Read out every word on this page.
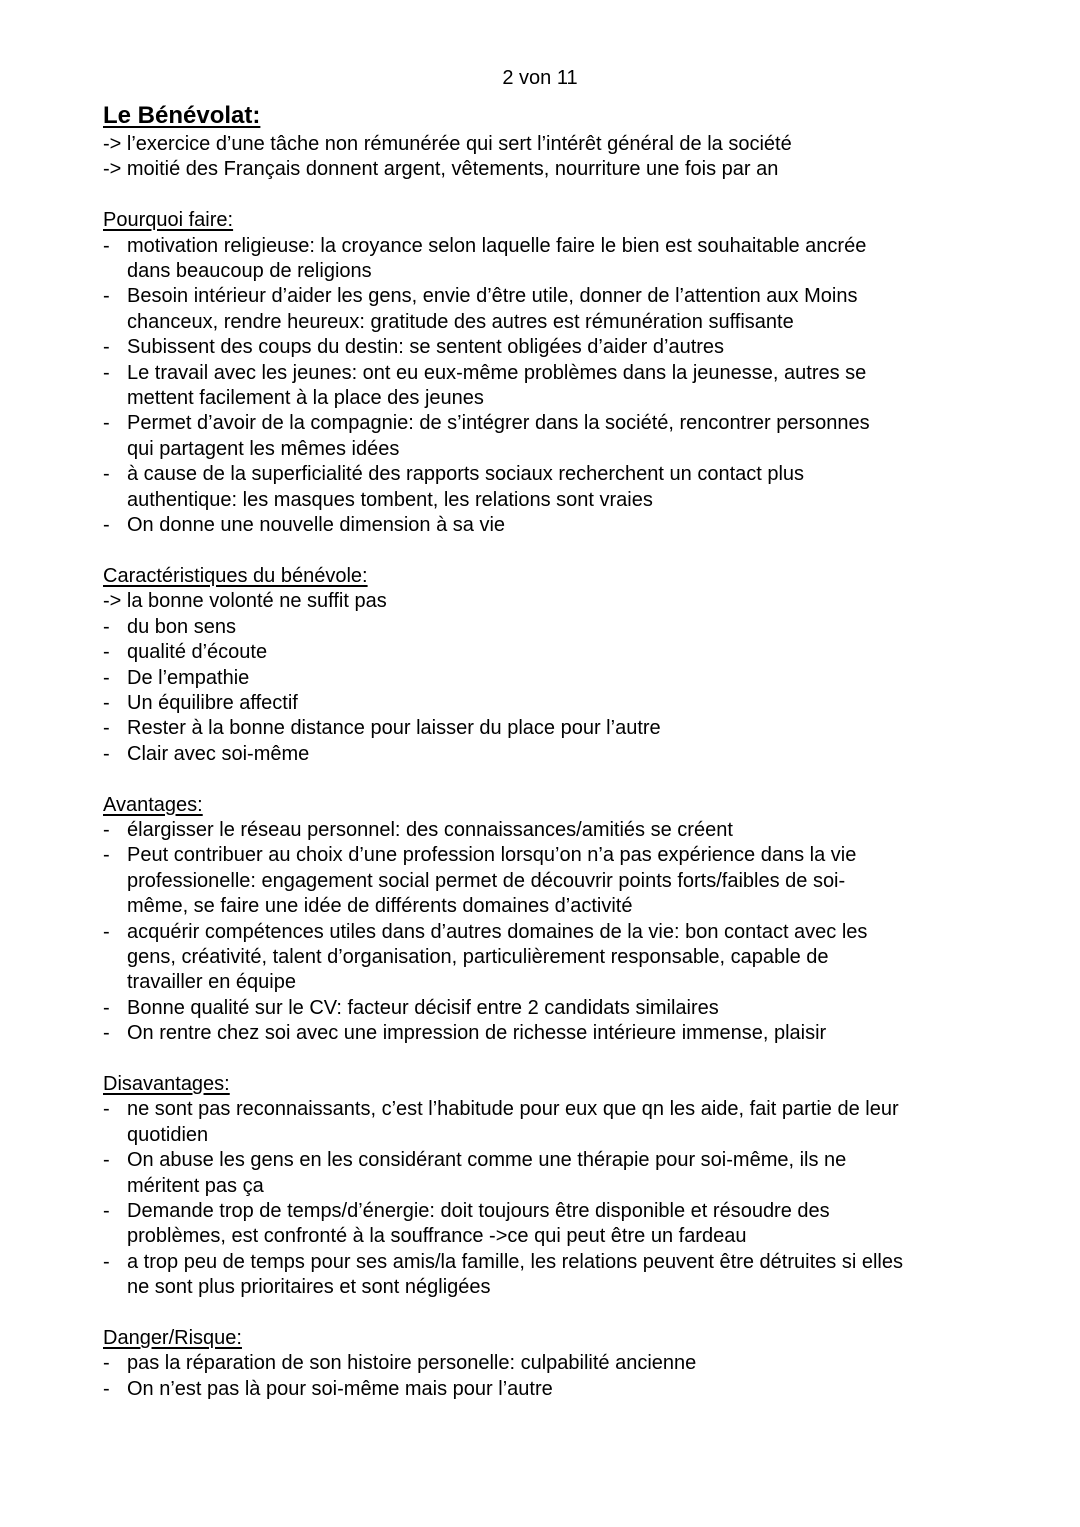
2 von 11
Le Bénévolat:

-> l’exercice d’une tâche non rémunérée qui sert l’intérêt général de la société

-> moitié des Français donnent argent, vêtements, nourriture une fois par an

Pourquoi faire:

- motivation religieuse: la croyance selon laquelle faire le bien est souhaitable ancrée
dans beaucoup de religions
- Besoin intérieur d’aider les gens, envie d’être utile, donner de l’attention aux Moins
chanceux, rendre heureux: gratitude des autres est rémunération suffisante
- Subissent des coups du destin: se sentent obligées d’aider d’autres
- Le travail avec les jeunes: ont eu eux-même problèmes dans la jeunesse, autres se
mettent facilement à la place des jeunes
- Permet d’avoir de la compagnie: de s’intégrer dans la société, rencontrer personnes
qui partagent les mêmes idées
- à cause de la superficialité des rapports sociaux recherchent un contact plus
authentique: les masques tombent, les relations sont vraies
- On donne une nouvelle dimension à sa vie

Caractéristiques du bénévole:

-> la bonne volonté ne suffit pas

- du bon sens
- qualité d’écoute
- De l’empathie
- Un équilibre affectif
- Rester à la bonne distance pour laisser du place pour l’autre
- Clair avec soi-même

Avantages:

- élargisser le réseau personnel: des connaissances/amitiés se créent
- Peut contribuer au choix d’une profession lorsqu’on n’a pas expérience dans la vie
professionelle: engagement social permet de découvrir points forts/faibles de soi-
même, se faire une idée de différents domaines d’activité
- acquérir compétences utiles dans d’autres domaines de la vie: bon contact avec les
gens, créativité, talent d’organisation, particulièrement responsable, capable de
travailler en équipe
- Bonne qualité sur le CV: facteur décisif entre 2 candidats similaires
- On rentre chez soi avec une impression de richesse intérieure immense, plaisir

Disavantages:

- ne sont pas reconnaissants, c’est l’habitude pour eux que qn les aide, fait partie de leur
quotidien
- On abuse les gens en les considérant comme une thérapie pour soi-même, ils ne
méritent pas ça
- Demande trop de temps/d’énergie: doit toujours être disponible et résoudre des
problèmes, est confronté à la souffrance ->ce qui peut être un fardeau
- a trop peu de temps pour ses amis/la famille, les relations peuvent être détruites si elles
ne sont plus prioritaires et sont négligées

Danger/Risque:

- pas la réparation de son histoire personelle: culpabilité ancienne
- On n’est pas là pour soi-même mais pour l’autre
